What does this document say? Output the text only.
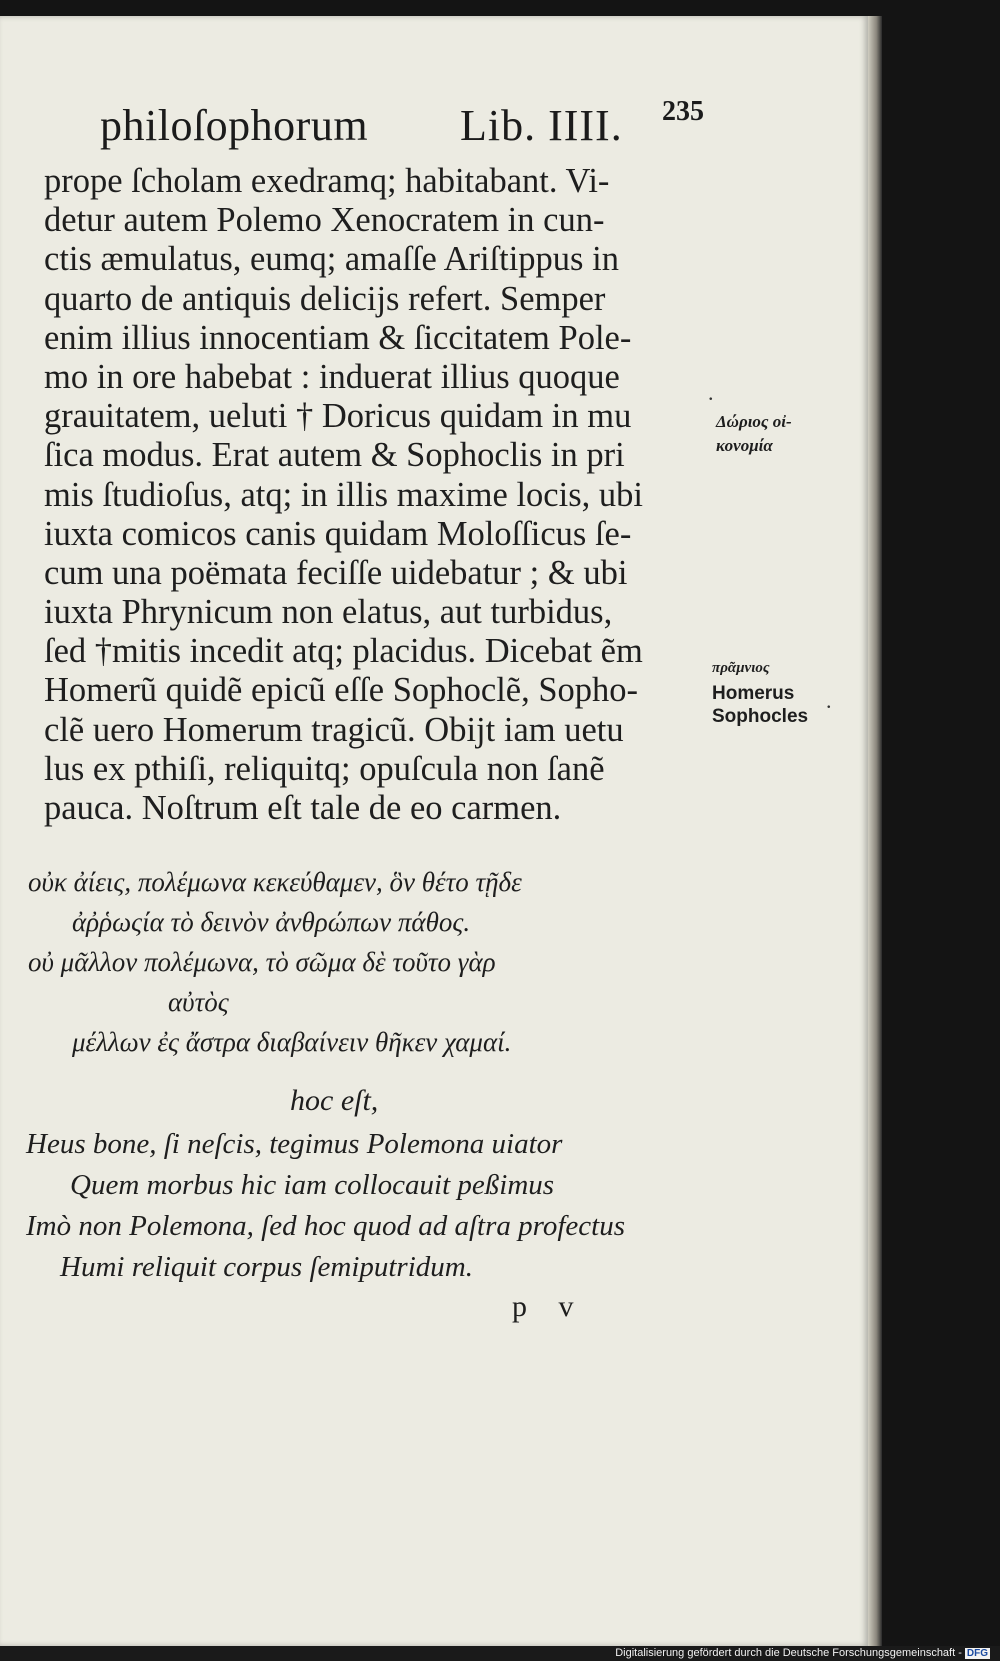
philoſophorum Lib. IIII. 235
prope ſcholam exedramq; habitabant. Vi-
detur autem Polemo Xenocratem in cun-
ctis æmulatus, eumq; amaſſe Ariſtippus in
quarto de antiquis delicijs refert. Semper
enim illius innocentiam & ſiccitatem Pole-
mo in ore habebat : induerat illius quoque
grauitatem, ueluti † Doricus quidam in mu
ſica modus. Erat autem & Sophoclis in pri
mis ſtudioſus, atq; in illis maxime locis, ubi
iuxta comicos canis quidam Moloſſicus ſe-
cum una poëmata feciſſe uidebatur ; & ubi
iuxta Phrynicum non elatus, aut turbidus,
ſed †mitis incedit atq; placidus. Dicebat ẽm
Homerũ quidẽ epicũ eſſe Sophoclẽ, Sopho-
clẽ uero Homerum tragicũ. Obijt iam uetu
lus ex pthiſi, reliquitq; opuſcula non ſanẽ
pauca. Noſtrum eſt tale de eo carmen.
οὐκ ἀίεις, πολέμωνα κεκεύθαμεν, ὃν θέτο τῇδε
ἀῤῥωςία τὸ δεινὸν ἀνθρώπων πάθος.
οὐ μᾶλλον πολέμωνα, τὸ σῶμα δὲ τοῦτο γὰρ
αὐτὸς
μέλλων ἐς ἄστρα διαβαίνειν θῆκεν χαμαί.
hoc eſt,
Heus bone, ſi neſcis, tegimus Polemona uiator
Quem morbus hic iam collocauit peßimus
Imò non Polemona, ſed hoc quod ad aſtra profectus
Humi reliquit corpus ſemiputridum.
p v
Δώριος οἰ-
κονομία
πρᾶμνιος
Homerus
Sophocles
.
.
Digitalisierung gefördert durch die Deutsche Forschungsgemeinschaft - DFG
